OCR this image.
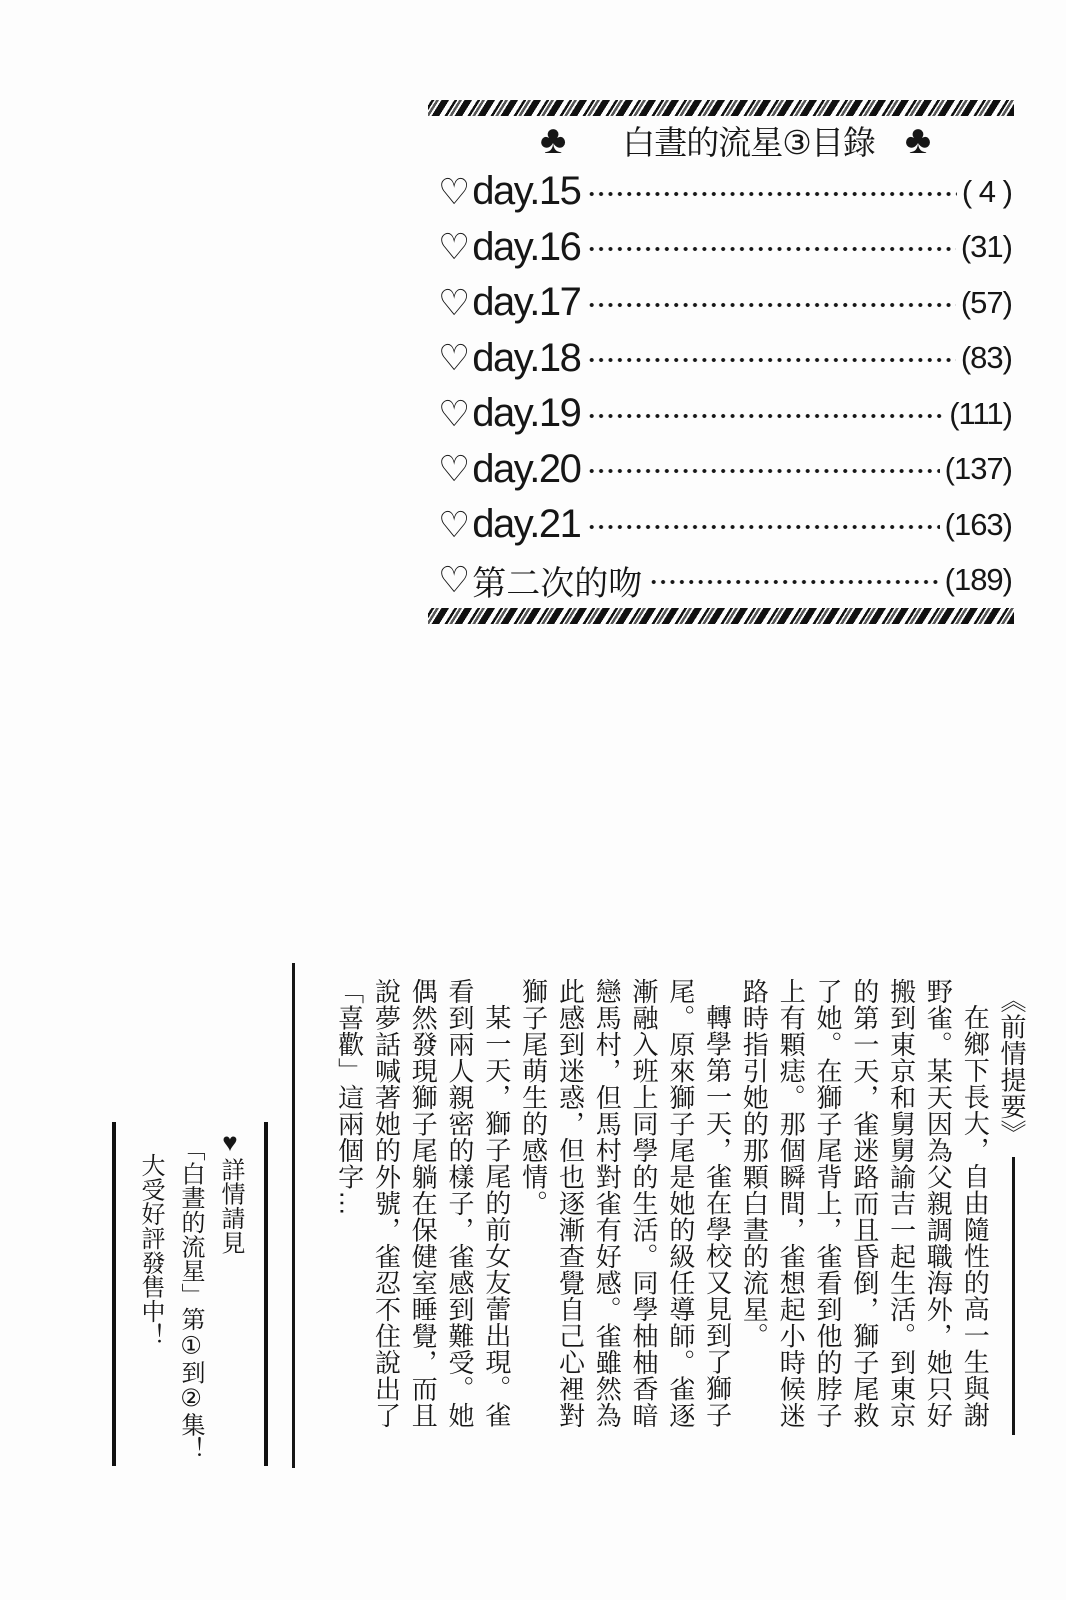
♣ 白晝的流星③目錄 ♣
♡ day.15	( 4 )
♡ day.16	(31)
♡ day.17	(57)
♡ day.18	(83)
♡ day.19	(111)
♡ day.20	(137)
♡ day.21	(163)
♡ 第二次的吻	(189)
《前情提要》
在鄉下長大，自由隨性的高一生與謝
野雀。某天因為父親調職海外，她只好
搬到東京和舅舅諭吉一起生活。到東京
的第一天，雀迷路而且昏倒，獅子尾救
了她。在獅子尾背上，雀看到他的脖子
上有顆痣。那個瞬間，雀想起小時候迷
路時指引她的那顆白晝的流星。
轉學第一天，雀在學校又見到了獅子
尾。原來獅子尾是她的級任導師。雀逐
漸融入班上同學的生活。同學柚柚香暗
戀馬村，但馬村對雀有好感。雀雖然為
此感到迷惑，但也逐漸查覺自己心裡對
獅子尾萌生的感情。
某一天，獅子尾的前女友蕾出現。雀
看到兩人親密的樣子，雀感到難受。她
偶然發現獅子尾躺在保健室睡覺，而且
說夢話喊著她的外號，雀忍不住說出了
「喜歡」這兩個字…
♥詳情請見
「白晝的流星」第①到②集！
大受好評發售中！
